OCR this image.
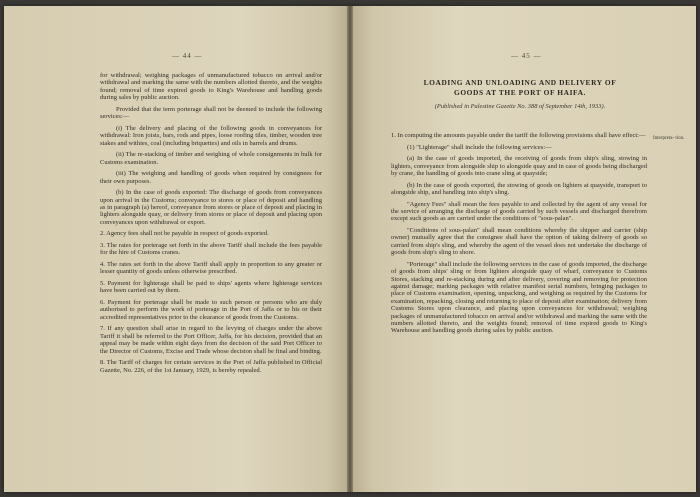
— 44 —

for withdrawal; weighing packages of unmanufactured tobacco on arrival and/or withdrawal and marking the same with the numbers allotted thereto, and the weights found; removal of time expired goods to King's Warehouse and handling goods during sales by public auction.

Provided that the term porterage shall not be deemed to include the following services:—

(i) The delivery and placing of the following goods in conveyances for withdrawal: Iron joists, bars, rods and pipes, loose roofing tiles, timber, wooden tree stakes and withies, coal (including briquettes) and oils in barrels and drums.

(ii) The re-stacking of timber and weighing of whole consignments in bulk for Customs examination.

(iii) The weighing and handling of goods when required by consignees for their own purposes.

(b) In the case of goods exported: The discharge of goods from conveyances upon arrival in the Customs; conveyance to stores or place of deposit and handling as in paragraph (a) hereof, conveyance from stores or place of deposit and placing in lighters alongside quay, or delivery from stores or place of deposit and placing upon conveyances upon withdrawal or export.

2. Agency fees shall not be payable in respect of goods exported.

3. The rates for porterage set forth in the above Tariff shall include the fees payable for the hire of Customs cranes.

4. The rates set forth in the above Tariff shall apply in proportion to any greater or lesser quantity of goods unless otherwise prescribed.

5. Payment for lighterage shall be paid to ships' agents where lighterage services have been carried out by them.

6. Payment for porterage shall be made to such person or persons who are duly authorised to perform the work of porterage in the Port of Jaffa or to his or their accredited representatives prior to the clearance of goods from the Customs.

7. If any question shall arise in regard to the levying of charges under the above Tariff it shall be referred to the Port Officer, Jaffa, for his decision, provided that an appeal may be made within eight days from the decision of the said Port Officer to the Director of Customs, Excise and Trade whose decision shall be final and binding.

8. The Tariff of charges for certain services in the Port of Jaffa published in Official Gazette, No. 226, of the 1st January, 1929, is hereby repealed.

— 45 —
LOADING AND UNLOADING AND DELIVERY OF
GOODS AT THE PORT OF HAIFA.
(Published in Palestine Gazette No. 388 of September 14th, 1933).
Interpreta- tion.

1. In computing the amounts payable under the tariff the following provisions shall have effect:—

(1) "Lighterage" shall include the following services:—

(a) In the case of goods imported, the receiving of goods from ship's sling, stowing in lighters, conveyance from alongside ship to alongside quay and in case of goods being discharged by crane, the handling of goods into crane sling at quayside;

(b) In the case of goods exported, the stowing of goods on lighters at quayside, transport to alongside ship, and handling into ship's sling.

"Agency Fees" shall mean the fees payable to and collected by the agent of any vessel for the service of arranging the discharge of goods carried by such vessels and discharged therefrom except such goods as are carried under the conditions of "sous-palan".

"Conditions of sous-palan" shall mean conditions whereby the shipper and carrier (ship owner) mutually agree that the consignee shall have the option of taking delivery of goods so carried from ship's sling, and whereby the agent of the vessel does not undertake the discharge of goods from ship's sling to shore.

"Porterage" shall include the following services in the case of goods imported, the discharge of goods from ships' sling or from lighters alongside quay of wharf, conveyance to Customs Stores, stacking and re-stacking during and after delivery, covering and removing for protection against damage; marking packages with relative manifest serial numbers, bringing packages to place of Customs examination, opening, unpacking, and weighing as required by the Customs for examination, repacking, closing and returning to place of deposit after examination; delivery from Customs Stores upon clearance, and placing upon conveyances for withdrawal; weighing packages of unmanufactured tobacco on arrival and/or withdrawal and marking the same with the numbers allotted thereto, and the weights found; removal of time expired goods to King's Warehouse and handling goods during sales by public auction.
